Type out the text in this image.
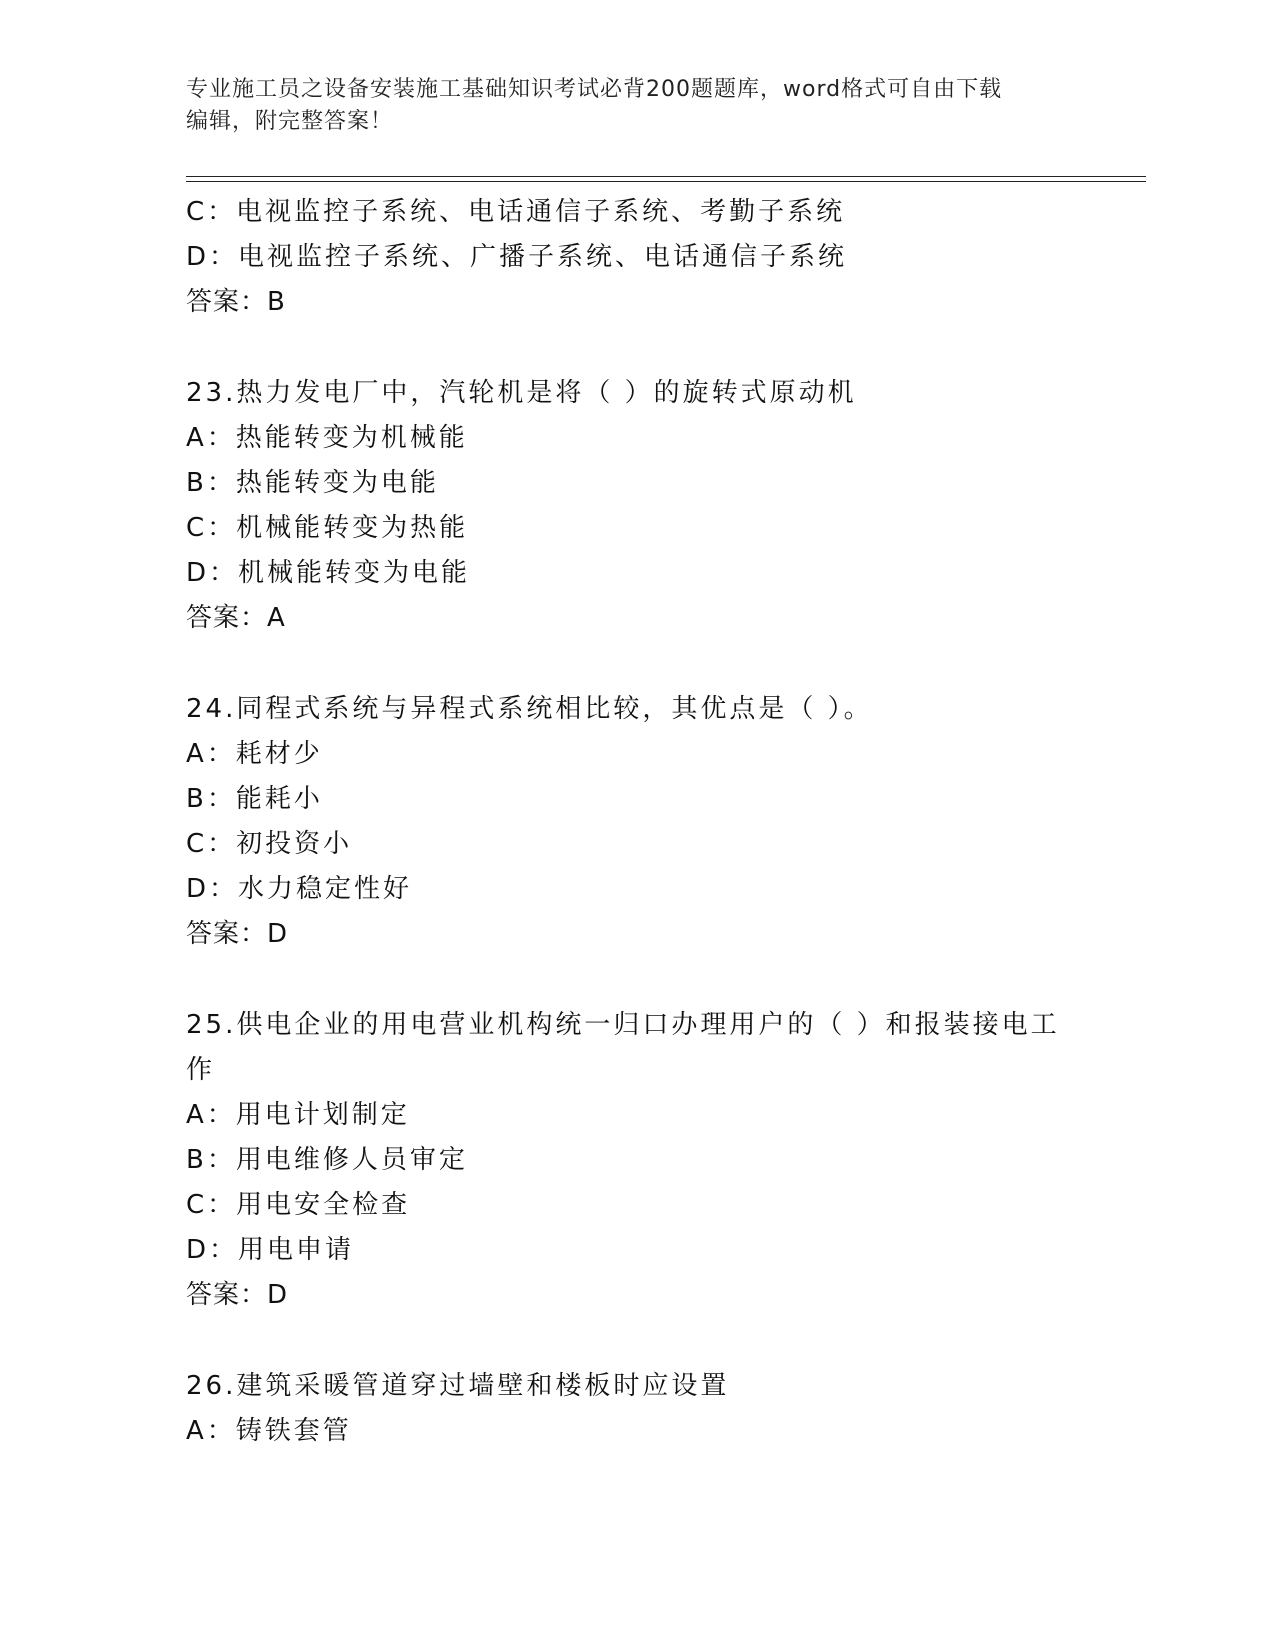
专业施工员之设备安装施工基础知识考试必背200题题库，word格式可自由下载
编辑，附完整答案！

C：电视监控子系统、电话通信子系统、考勤子系统

D：电视监控子系统、广播子系统、电话通信子系统

答案：B

23.热力发电厂中，汽轮机是将（ ）的旋转式原动机

A：热能转变为机械能

B：热能转变为电能

C：机械能转变为热能

D：机械能转变为电能

答案：A

24.同程式系统与异程式系统相比较，其优点是（ ）。

A：耗材少

B：能耗小

C：初投资小

D：水力稳定性好

答案：D

25.供电企业的用电营业机构统一归口办理用户的（ ）和报装接电工

作

A：用电计划制定

B：用电维修人员审定

C：用电安全检查

D：用电申请

答案：D

26.建筑采暖管道穿过墙壁和楼板时应设置

A：铸铁套管
